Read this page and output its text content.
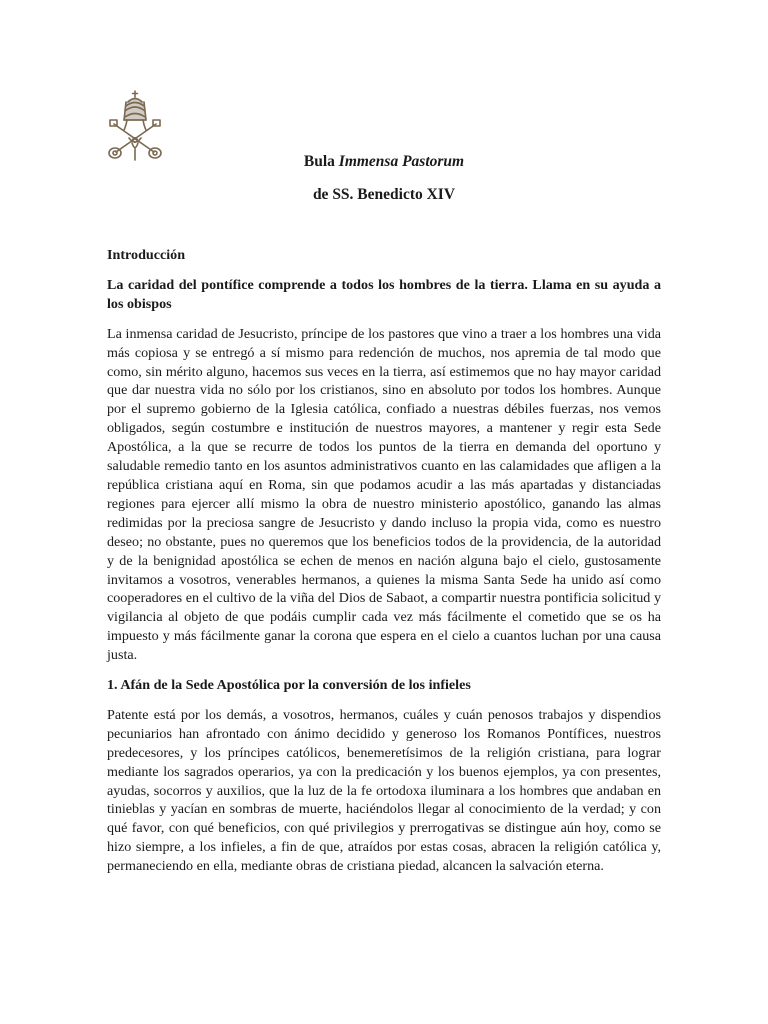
Bula Immensa Pastorum
de SS. Benedicto XIV

Introducción

La caridad del pontífice comprende a todos los hombres de la tierra. Llama en su ayuda a los obispos

La inmensa caridad de Jesucristo, príncipe de los pastores que vino a traer a los hombres una vida más copiosa y se entregó a sí mismo para redención de muchos, nos apremia de tal modo que como, sin mérito alguno, hacemos sus veces en la tierra, así estimemos que no hay mayor caridad que dar nuestra vida no sólo por los cristianos, sino en absoluto por todos los hombres. Aunque por el supremo gobierno de la Iglesia católica, confiado a nuestras débiles fuerzas, nos vemos obligados, según costumbre e institución de nuestros mayores, a mantener y regir esta Sede Apostólica, a la que se recurre de todos los puntos de la tierra en demanda del oportuno y saludable remedio tanto en los asuntos administrativos cuanto en las calamidades que afligen a la república cristiana aquí en Roma, sin que podamos acudir a las más apartadas y distanciadas regiones para ejercer allí mismo la obra de nuestro ministerio apostólico, ganando las almas redimidas por la preciosa sangre de Jesucristo y dando incluso la propia vida, como es nuestro deseo; no obstante, pues no queremos que los beneficios todos de la providencia, de la autoridad y de la benignidad apostólica se echen de menos en nación alguna bajo el cielo, gustosamente invitamos a vosotros, venerables hermanos, a quienes la misma Santa Sede ha unido así como cooperadores en el cultivo de la viña del Dios de Sabaot, a compartir nuestra pontificia solicitud y vigilancia al objeto de que podáis cumplir cada vez más fácilmente el cometido que se os ha impuesto y más fácilmente ganar la corona que espera en el cielo a cuantos luchan por una causa justa.

1. Afán de la Sede Apostólica por la conversión de los infieles

Patente está por los demás, a vosotros, hermanos, cuáles y cuán penosos trabajos y dispendios pecuniarios han afrontado con ánimo decidido y generoso los Romanos Pontífices, nuestros predecesores, y los príncipes católicos, benemeretísimos de la religión cristiana, para lograr mediante los sagrados operarios, ya con la predicación y los buenos ejemplos, ya con presentes, ayudas, socorros y auxilios, que la luz de la fe ortodoxa iluminara a los hombres que andaban en tinieblas y yacían en sombras de muerte, haciéndolos llegar al conocimiento de la verdad; y con qué favor, con qué beneficios, con qué privilegios y prerrogativas se distingue aún hoy, como se hizo siempre, a los infieles, a fin de que, atraídos por estas cosas, abracen la religión católica y, permaneciendo en ella, mediante obras de cristiana piedad, alcancen la salvación eterna.
